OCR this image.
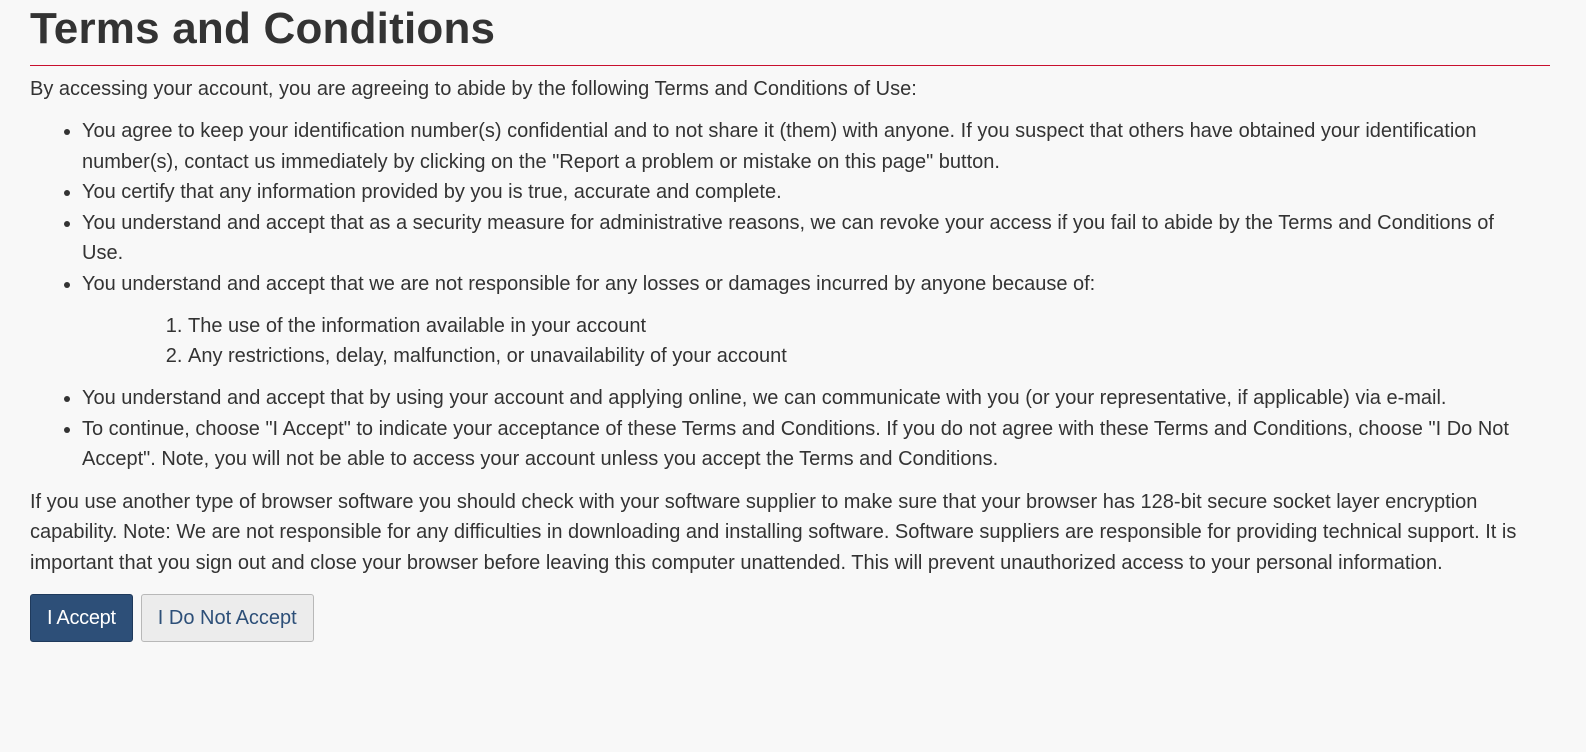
Terms and Conditions

By accessing your account, you are agreeing to abide by the following Terms and Conditions of Use:

• You agree to keep your identification number(s) confidential and to not share it (them) with anyone. If you suspect that others have obtained your identification number(s), contact us immediately by clicking on the "Report a problem or mistake on this page" button.
• You certify that any information provided by you is true, accurate and complete.
• You understand and accept that as a security measure for administrative reasons, we can revoke your access if you fail to abide by the Terms and Conditions of Use.
• You understand and accept that we are not responsible for any losses or damages incurred by anyone because of:
1. The use of the information available in your account
2. Any restrictions, delay, malfunction, or unavailability of your account
• You understand and accept that by using your account and applying online, we can communicate with you (or your representative, if applicable) via e-mail.
• To continue, choose "I Accept" to indicate your acceptance of these Terms and Conditions. If you do not agree with these Terms and Conditions, choose "I Do Not Accept". Note, you will not be able to access your account unless you accept the Terms and Conditions.

If you use another type of browser software you should check with your software supplier to make sure that your browser has 128-bit secure socket layer encryption capability. Note: We are not responsible for any difficulties in downloading and installing software. Software suppliers are responsible for providing technical support. It is important that you sign out and close your browser before leaving this computer unattended. This will prevent unauthorized access to your personal information.

I Accept	I Do Not Accept
